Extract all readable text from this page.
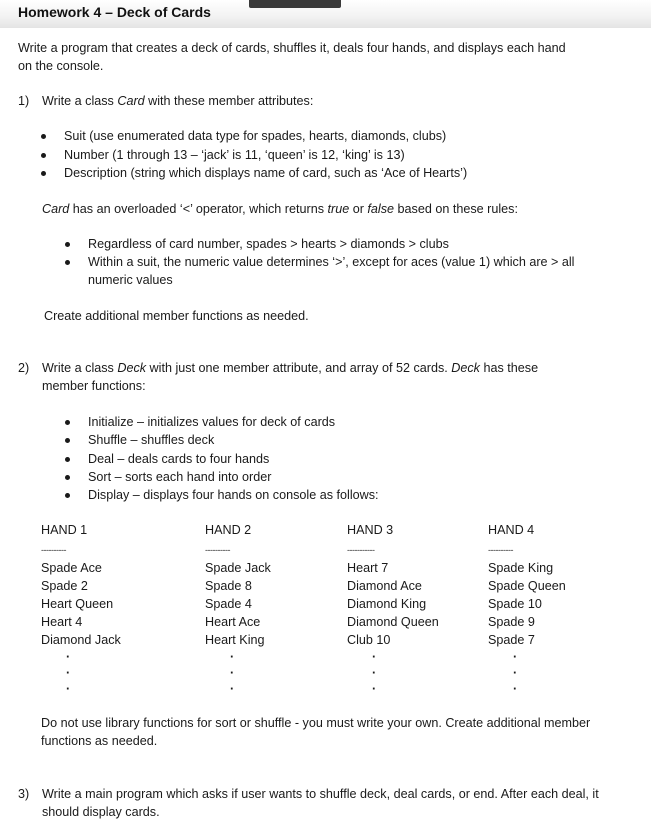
Homework 4 – Deck of Cards
Write a program that creates a deck of cards, shuffles it, deals four hands, and displays each hand on the console.
1) Write a class Card with these member attributes:
Suit (use enumerated data type for spades, hearts, diamonds, clubs)
Number (1 through 13 – ‘jack’ is 11, ‘queen’ is 12, ‘king’ is 13)
Description (string which displays name of card, such as ‘Ace of Hearts’)
Card has an overloaded ‘<’ operator, which returns true or false based on these rules:
Regardless of card number, spades > hearts > diamonds > clubs
Within a suit, the numeric value determines ‘>’, except for aces (value 1) which are > all numeric values
Create additional member functions as needed.
2) Write a class Deck with just one member attribute, and array of 52 cards. Deck has these member functions:
Initialize – initializes values for deck of cards
Shuffle – shuffles deck
Deal – deals cards to four hands
Sort – sorts each hand into order
Display – displays four hands on console as follows:
HAND 1
----------
Spade Ace
Spade 2
Heart Queen
Heart 4
Diamond Jack
·
·
·
HAND 2
----------
Spade Jack
Spade 8
Spade 4
Heart Ace
Heart King
·
·
·
HAND 3
-----------
Heart 7
Diamond Ace
Diamond King
Diamond Queen
Club 10
·
·
·
HAND 4
----------
Spade King
Spade Queen
Spade 10
Spade 9
Spade 7
·
·
·
Do not use library functions for sort or shuffle - you must write your own. Create additional member functions as needed.
3) Write a main program which asks if user wants to shuffle deck, deal cards, or end. After each deal, it should display cards.
